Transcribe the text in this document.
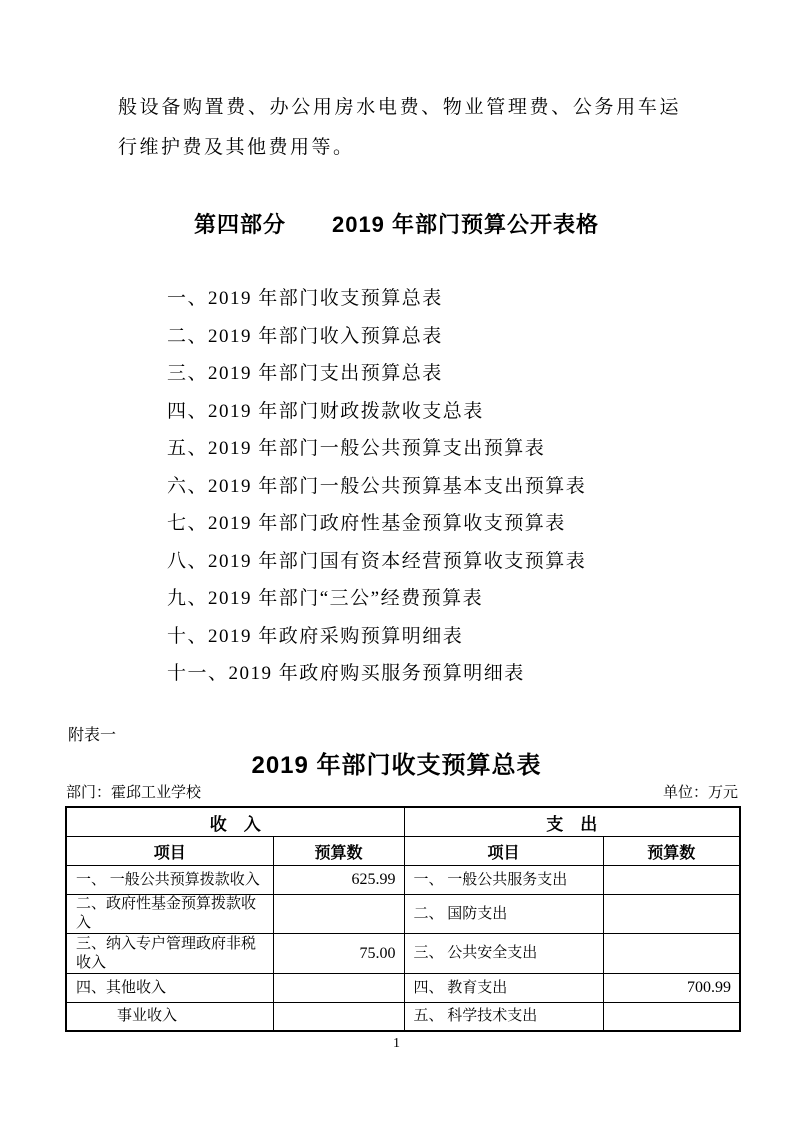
般设备购置费、办公用房水电费、物业管理费、公务用车运行维护费及其他费用等。
第四部分　　2019 年部门预算公开表格
一、2019 年部门收支预算总表
二、2019 年部门收入预算总表
三、2019 年部门支出预算总表
四、2019 年部门财政拨款收支总表
五、2019 年部门一般公共预算支出预算表
六、2019 年部门一般公共预算基本支出预算表
七、2019 年部门政府性基金预算收支预算表
八、2019 年部门国有资本经营预算收支预算表
九、2019 年部门“三公”经费预算表
十、2019 年政府采购预算明细表
十一、2019 年政府购买服务预算明细表
附表一
2019 年部门收支预算总表
部门：霍邱工业学校	单位：万元
收　入		支　出	
项目	预算数	项目	预算数
一、 一般公共预算拨款收入	625.99	一、 一般公共服务支出	
二、政府性基金预算拨款收入		二、 国防支出	
三、纳入专户管理政府非税收入	75.00	三、 公共安全支出	
四、其他收入		四、 教育支出	700.99
事业收入		五、 科学技术支出	
1
